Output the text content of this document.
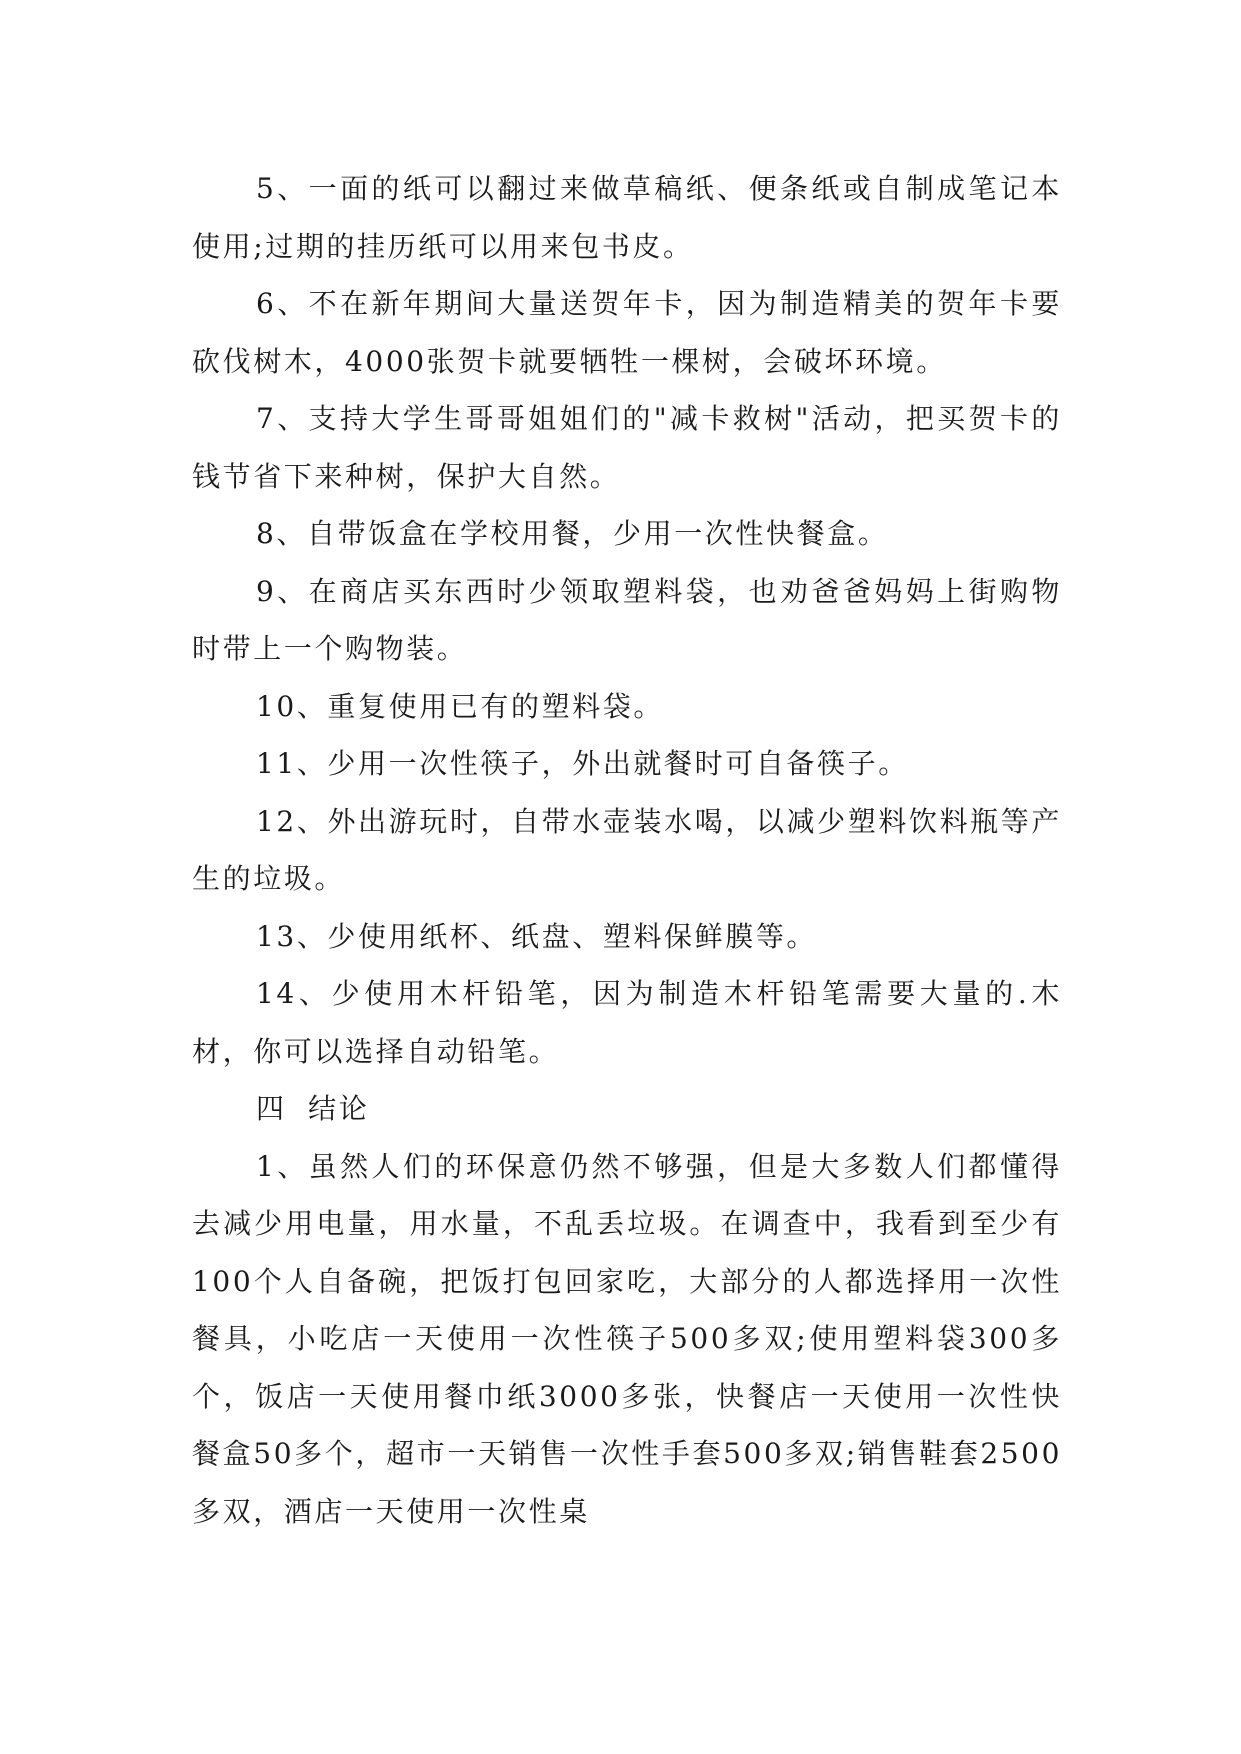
5、一面的纸可以翻过来做草稿纸、便条纸或自制成笔记本使用;过期的挂历纸可以用来包书皮。

6、不在新年期间大量送贺年卡，因为制造精美的贺年卡要砍伐树木，4000张贺卡就要牺牲一棵树，会破坏环境。

7、支持大学生哥哥姐姐们的"减卡救树"活动，把买贺卡的钱节省下来种树，保护大自然。

8、自带饭盒在学校用餐，少用一次性快餐盒。

9、在商店买东西时少领取塑料袋，也劝爸爸妈妈上街购物时带上一个购物装。

10、重复使用已有的塑料袋。

11、少用一次性筷子，外出就餐时可自备筷子。

12、外出游玩时，自带水壶装水喝，以减少塑料饮料瓶等产生的垃圾。

13、少使用纸杯、纸盘、塑料保鲜膜等。

14、少使用木杆铅笔，因为制造木杆铅笔需要大量的.木材，你可以选择自动铅笔。

四 结论

1、虽然人们的环保意仍然不够强，但是大多数人们都懂得去减少用电量，用水量，不乱丢垃圾。在调查中，我看到至少有100个人自备碗，把饭打包回家吃，大部分的人都选择用一次性餐具，小吃店一天使用一次性筷子500多双;使用塑料袋300多个，饭店一天使用餐巾纸3000多张，快餐店一天使用一次性快餐盒50多个，超市一天销售一次性手套500多双;销售鞋套2500多双，酒店一天使用一次性桌
